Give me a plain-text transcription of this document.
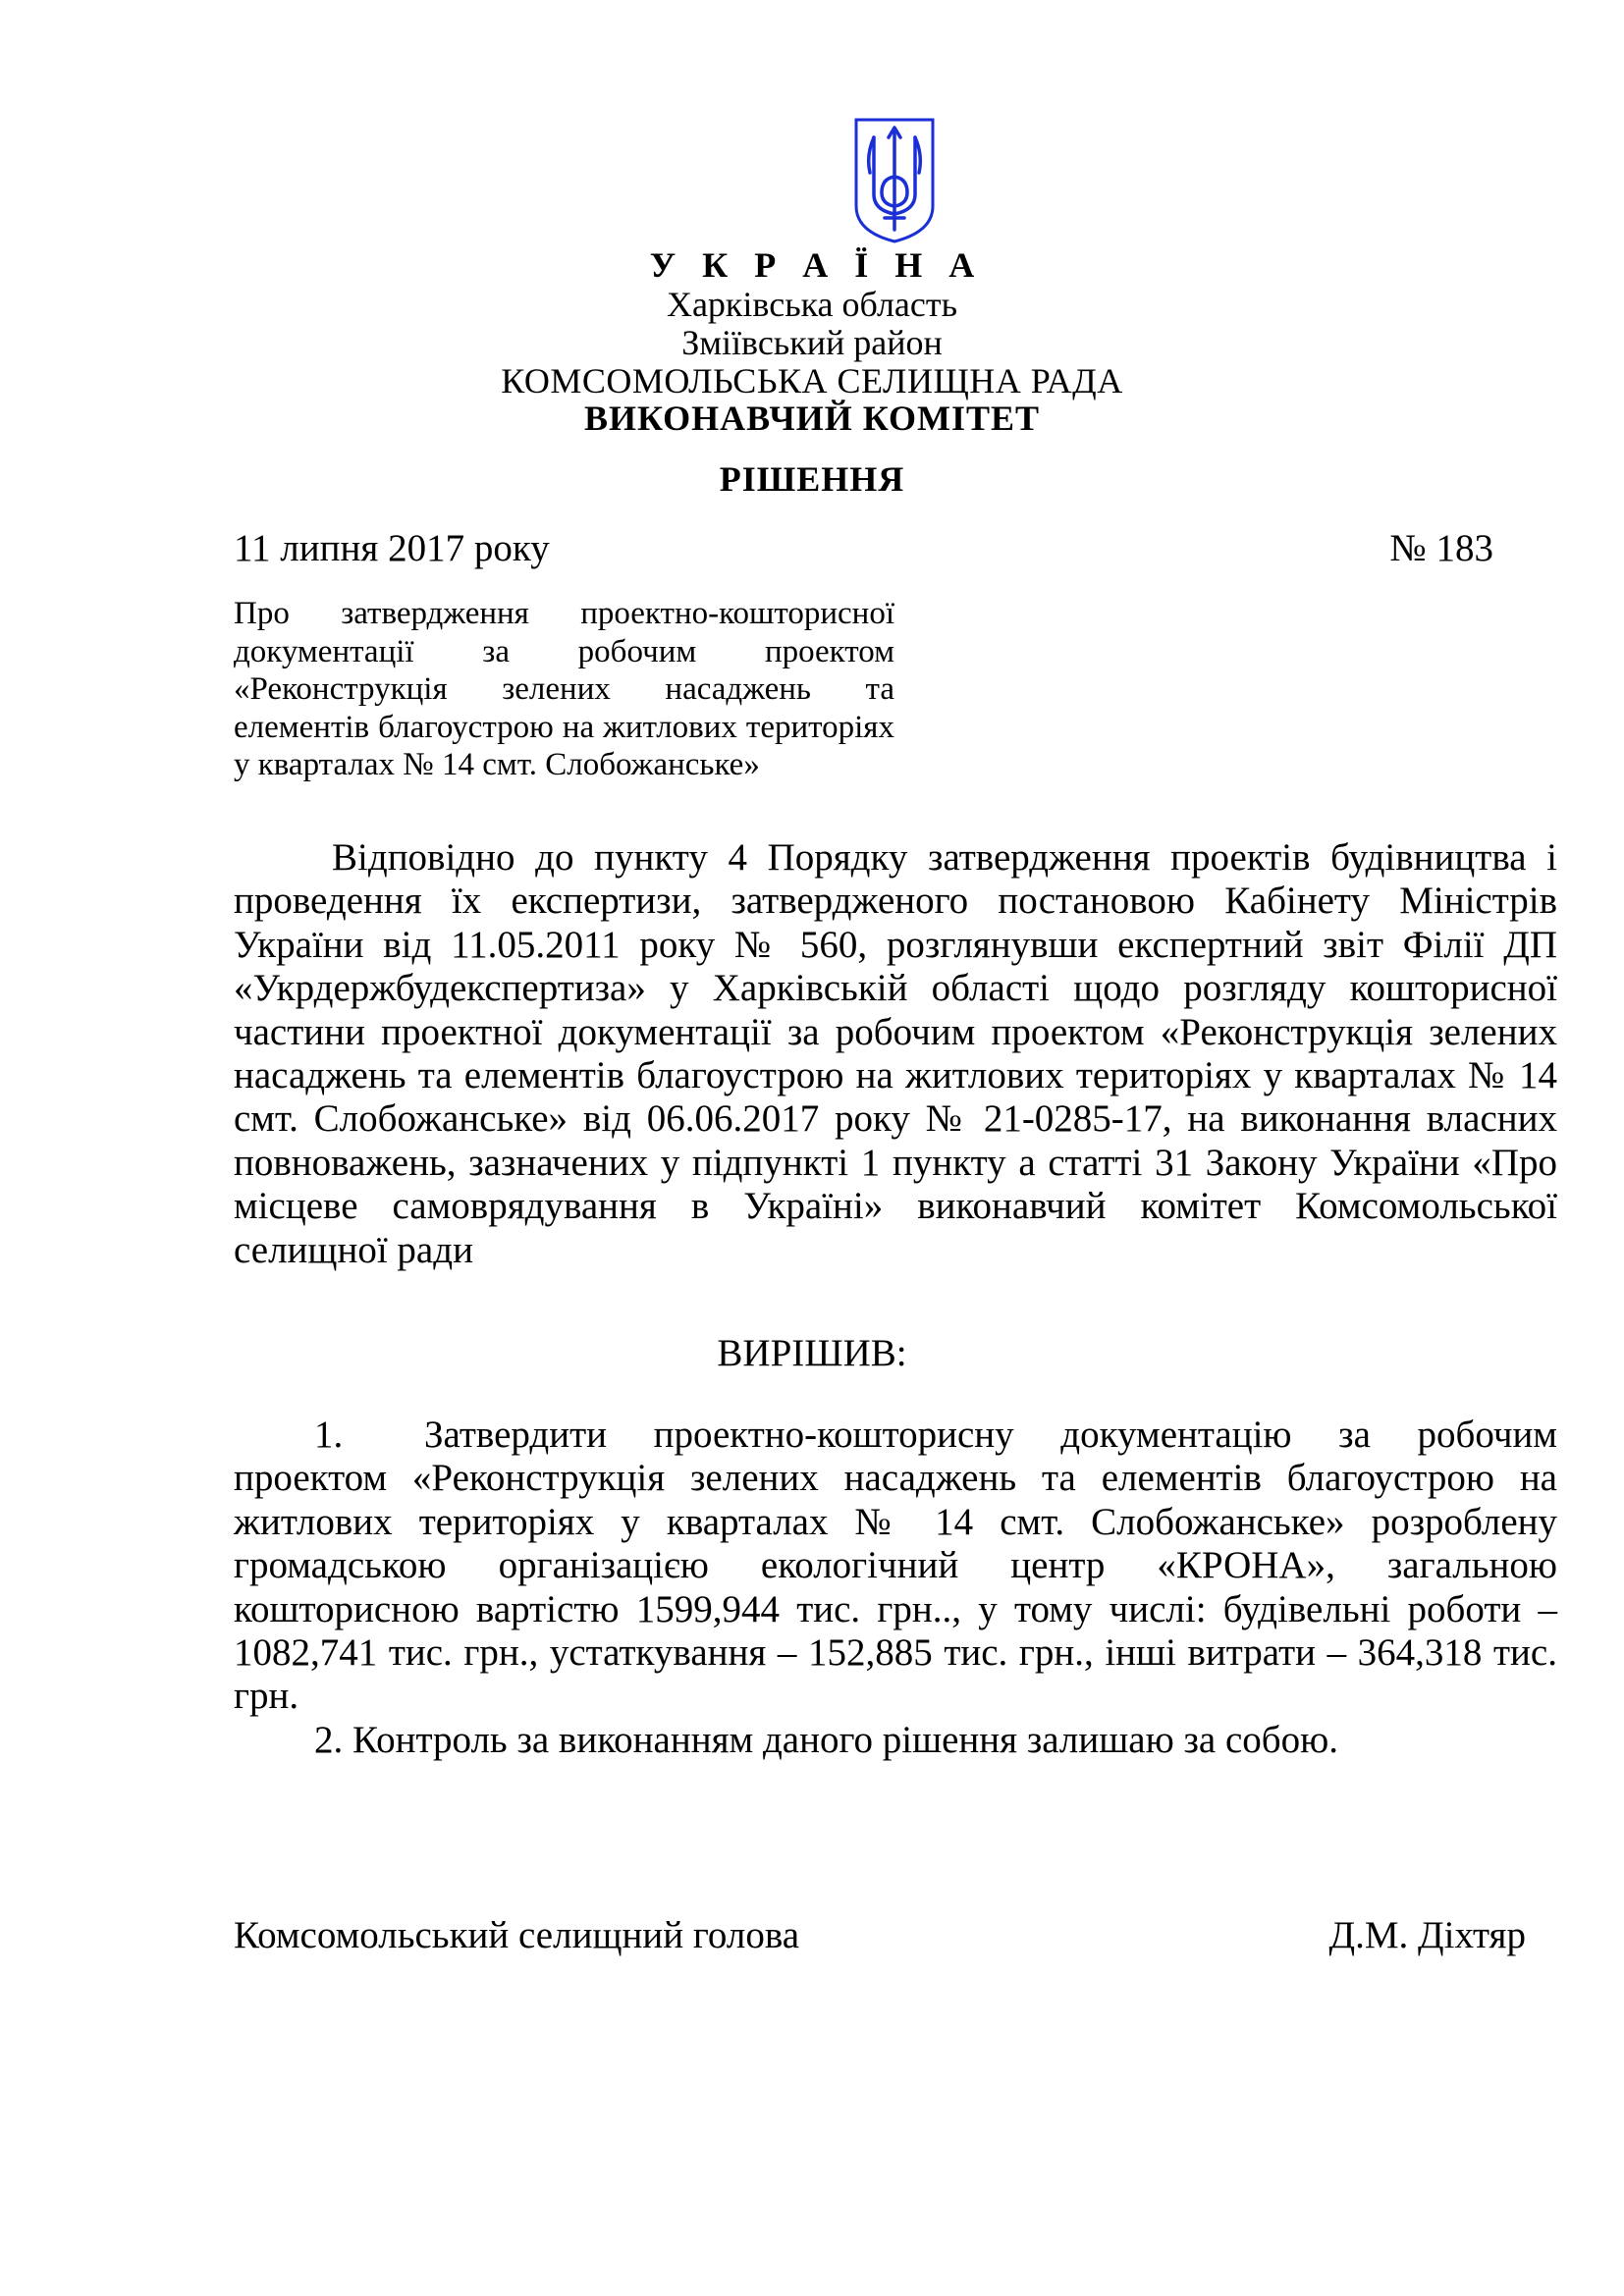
У К Р А Ї Н А
Харківська область
Зміївський район
КОМСОМОЛЬСЬКА СЕЛИЩНА РАДА
ВИКОНАВЧИЙ КОМІТЕТ
РІШЕННЯ
11 липня 2017 року	№ 183
Про затвердження проектно-кошторисної документації за робочим проектом «Реконструкція зелених насаджень та елементів благоустрою на житлових територіях у кварталах № 14 смт. Слобожанське»

Відповідно до пункту 4 Порядку затвердження проектів будівництва і проведення їх експертизи, затвердженого постановою Кабінету Міністрів України від 11.05.2011 року № 560, розглянувши експертний звіт Філії ДП «Укрдержбудекспертиза» у Харківській області щодо розгляду кошторисної частини проектної документації за робочим проектом «Реконструкція зелених насаджень та елементів благоустрою на житлових територіях у кварталах № 14 смт. Слобожанське» від 06.06.2017 року № 21-0285-17, на виконання власних повноважень, зазначених у підпункті 1 пункту а статті 31 Закону України «Про місцеве самоврядування в Україні» виконавчий комітет Комсомольської селищної ради

ВИРІШИВ:

1. Затвердити проектно-кошторисну документацію за робочим проектом «Реконструкція зелених насаджень та елементів благоустрою на житлових територіях у кварталах № 14 смт. Слобожанське» розроблену громадською організацією екологічний центр «КРОНА», загальною кошторисною вартістю 1599,944 тис. грн.., у тому числі: будівельні роботи – 1082,741 тис. грн., устаткування – 152,885 тис. грн., інші витрати – 364,318 тис. грн.

2. Контроль за виконанням даного рішення залишаю за собою.

Комсомольський селищний голова	Д.М. Діхтяр
